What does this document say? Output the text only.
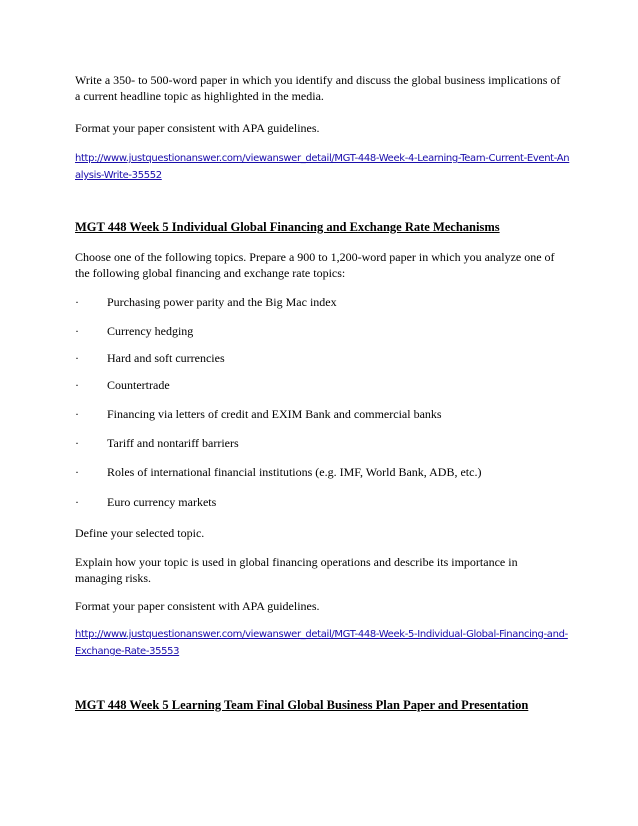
Write a 350- to 500-word paper in which you identify and discuss the global business implications of a current headline topic as highlighted in the media.

Format your paper consistent with APA guidelines.

http://www.justquestionanswer.com/viewanswer_detail/MGT-448-Week-4-Learning-Team-Current-Event-Analysis-Write-35552

MGT 448 Week 5 Individual Global Financing and Exchange Rate Mechanisms

Choose one of the following topics. Prepare a 900 to 1,200-word paper in which you analyze one of the following global financing and exchange rate topics:

· Purchasing power parity and the Big Mac index
· Currency hedging
· Hard and soft currencies
· Countertrade
· Financing via letters of credit and EXIM Bank and commercial banks
· Tariff and nontariff barriers
· Roles of international financial institutions (e.g. IMF, World Bank, ADB, etc.)
· Euro currency markets

Define your selected topic.

Explain how your topic is used in global financing operations and describe its importance in managing risks.

Format your paper consistent with APA guidelines.

http://www.justquestionanswer.com/viewanswer_detail/MGT-448-Week-5-Individual-Global-Financing-and-Exchange-Rate-35553

MGT 448 Week 5 Learning Team Final Global Business Plan Paper and Presentation
